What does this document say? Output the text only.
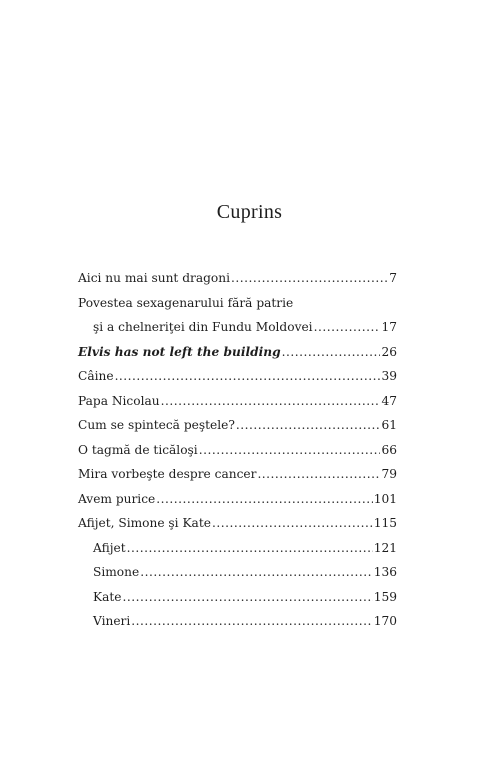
Cuprins
Aici nu mai sunt dragoni .....	7
Povestea sexagenarului fără patrie
şi a chelneriţei din Fundu Moldovei .....	17
Elvis has not left the building .....	26
Câine .....	39
Papa Nicolau .....	47
Cum se spintecă peştele? .....	61
O tagmă de ticăloşi .....	66
Mira vorbeşte despre cancer .....	79
Avem purice .....	101
Afijet, Simone şi Kate .....	115
Afijet .....	121
Simone .....	136
Kate .....	159
Vineri .....	170
